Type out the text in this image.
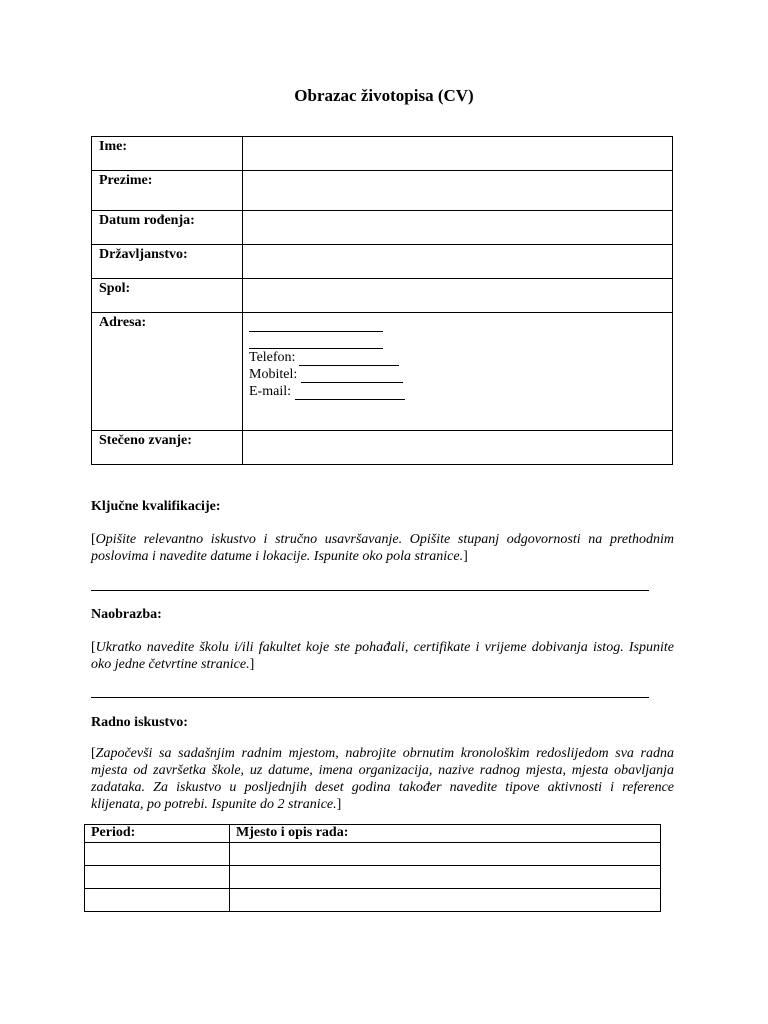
Obrazac životopisa (CV)
Ime:	
Prezime:	
Datum rođenja:	
Državljanstvo:	
Spol:	
Adresa:	Telefon:
Mobitel:
E-mail:

Stečeno zvanje:	
Ključne kvalifikacije:
[Opišite relevantno iskustvo i stručno usavršavanje. Opišite stupanj odgovornosti na prethodnim poslovima i navedite datume i lokacije. Ispunite oko pola stranice.]
Naobrazba:
[Ukratko navedite školu i/ili fakultet koje ste pohađali, certifikate i vrijeme dobivanja istog. Ispunite oko jedne četvrtine stranice.]
Radno iskustvo:
[Započevši sa sadašnjim radnim mjestom, nabrojite obrnutim kronološkim redoslijedom sva radna mjesta od završetka škole, uz datume, imena organizacija, nazive radnog mjesta, mjesta obavljanja zadataka. Za iskustvo u posljednjih deset godina također navedite tipove aktivnosti i reference klijenata, po potrebi. Ispunite do 2 stranice.]
Period:	Mjesto i opis rada:
